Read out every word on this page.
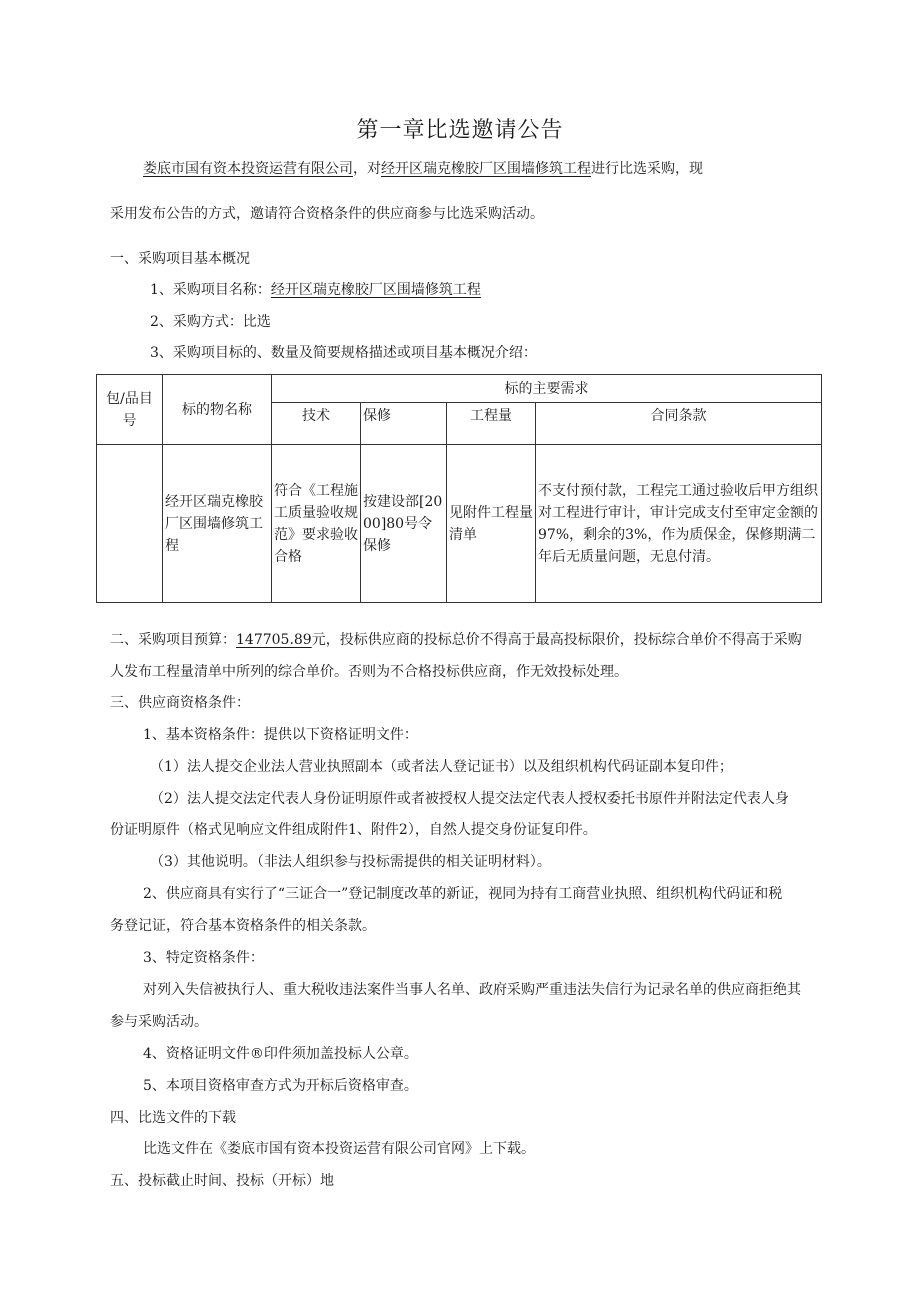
第一章比选邀请公告
娄底市国有资本投资运营有限公司，对经开区瑞克橡胶厂区围墙修筑工程进行比选采购，现
采用发布公告的方式，邀请符合资格条件的供应商参与比选采购活动。
一、采购项目基本概况
1、采购项目名称：经开区瑞克橡胶厂区围墙修筑工程
2、采购方式：比选
3、采购项目标的、数量及简要规格描述或项目基本概况介绍：
包/品目
号	标的物名称	标的主要需求			
		技术	保修	工程量	合同条款
	经开区瑞克橡胶厂区围墙修筑工程	符合《工程施工质量验收规范》要求验收合格	按建设部[2000]80号令保修	见附件工程量清单	不支付预付款，工程完工通过验收后甲方组织对工程进行审计，审计完成支付至审定金额的97%，剩余的3%，作为质保金，保修期满二年后无质量问题，无息付清。
二、采购项目预算：147705.89元，投标供应商的投标总价不得高于最高投标限价，投标综合单价不得高于采购
人发布工程量清单中所列的综合单价。否则为不合格投标供应商，作无效投标处理。
三、供应商资格条件：
1、基本资格条件：提供以下资格证明文件：
（1）法人提交企业法人营业执照副本（或者法人登记证书）以及组织机构代码证副本复印件；
（2）法人提交法定代表人身份证明原件或者被授权人提交法定代表人授权委托书原件并附法定代表人身
份证明原件（格式见响应文件组成附件1、附件2），自然人提交身份证复印件。
（3）其他说明。（非法人组织参与投标需提供的相关证明材料）。
2、供应商具有实行了“三证合一”登记制度改革的新证，视同为持有工商营业执照、组织机构代码证和税
务登记证，符合基本资格条件的相关条款。
3、特定资格条件：
对列入失信被执行人、重大税收违法案件当事人名单、政府采购严重违法失信行为记录名单的供应商拒绝其
参与采购活动。
4、资格证明文件®印件须加盖投标人公章。
5、本项目资格审查方式为开标后资格审查。
四、比选文件的下载
比选文件在《娄底市国有资本投资运营有限公司官网》上下载。
五、投标截止时间、投标（开标）地
